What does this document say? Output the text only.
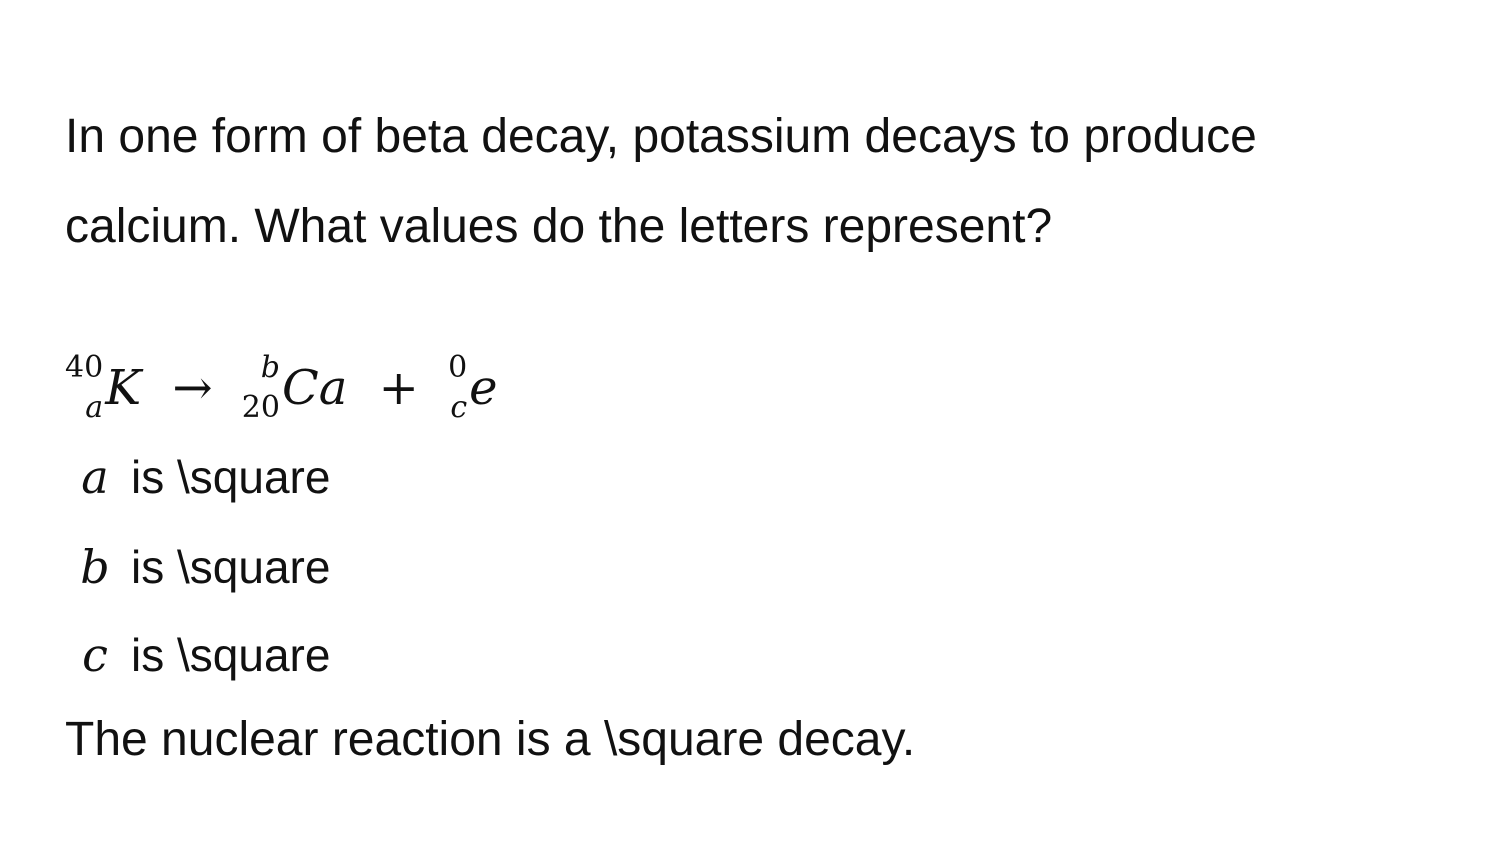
In one form of beta decay, potassium decays to produce calcium. What values do the letters represent?

40
a K →	b
20 Ca + 0
c e
a is \square
b is \square
c is \square
The nuclear reaction is a \square decay.
